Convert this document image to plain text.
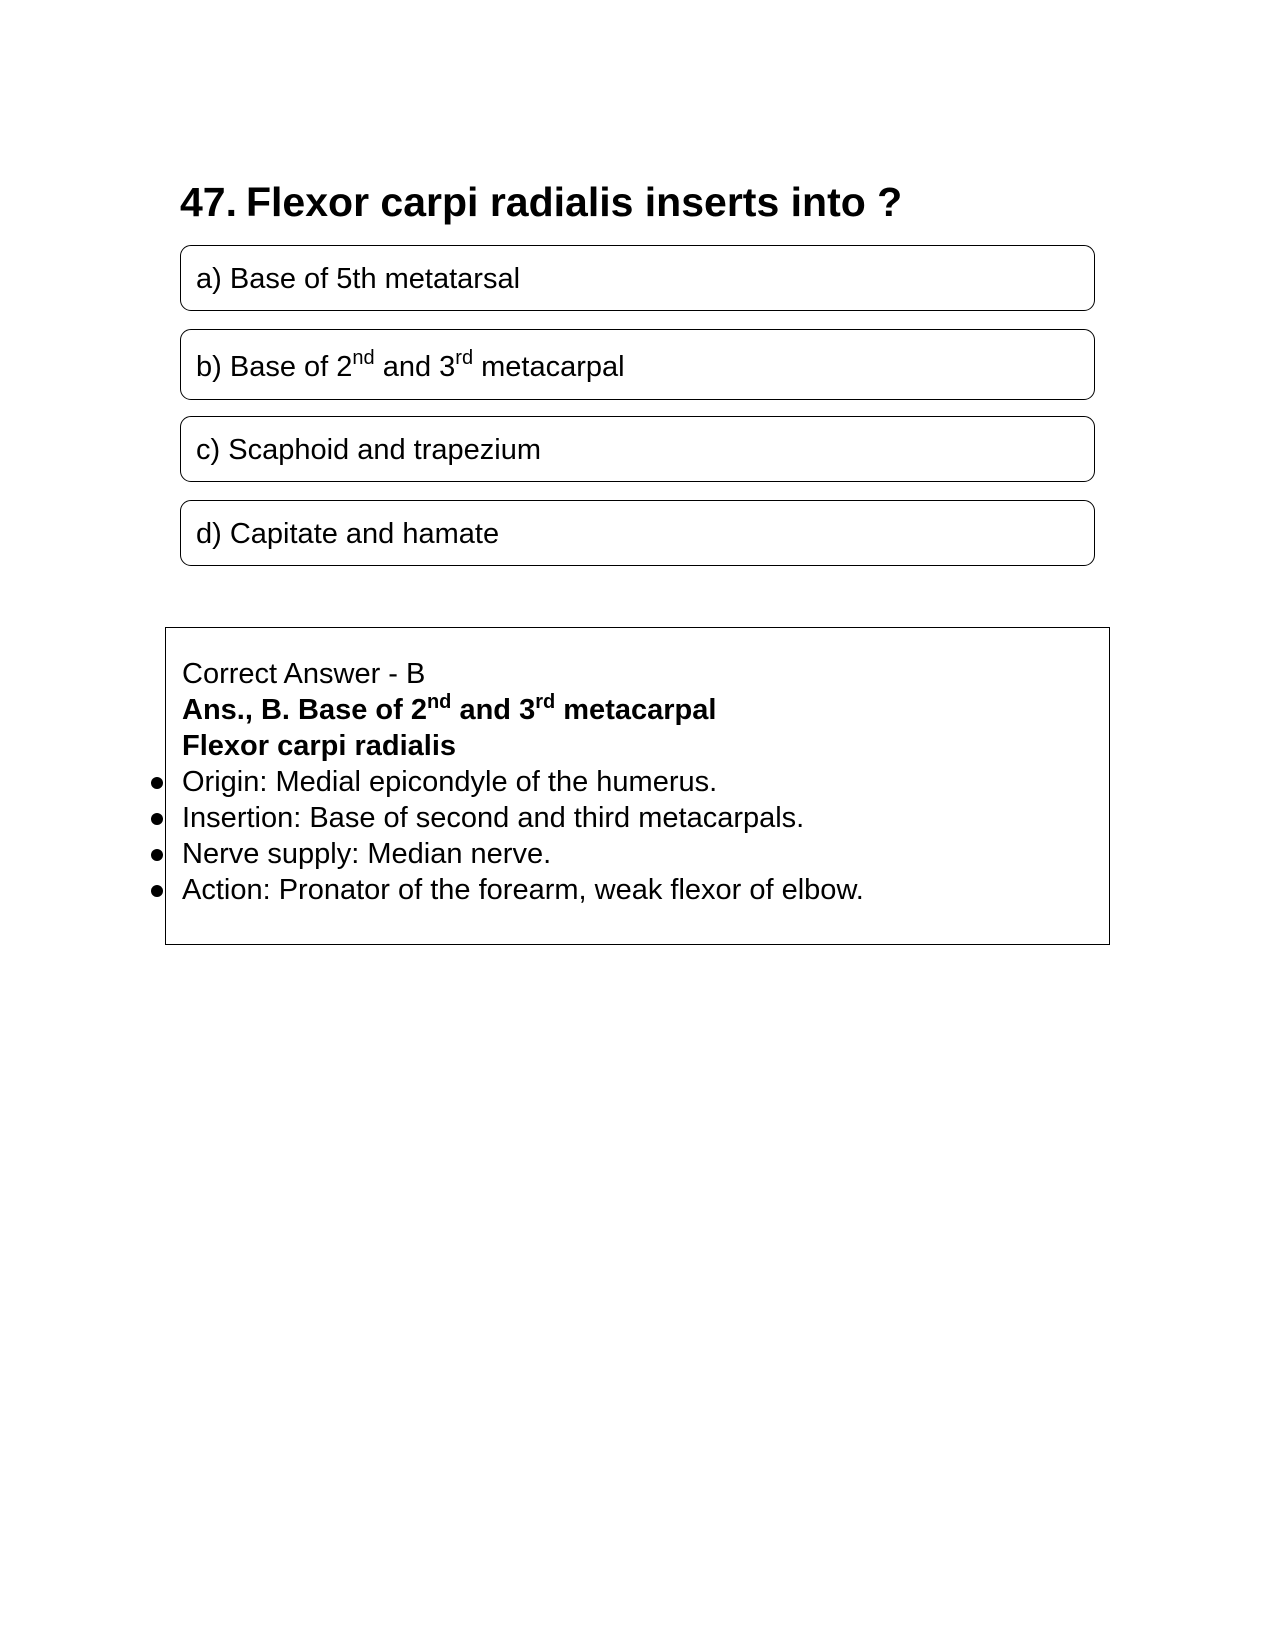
47. Flexor carpi radialis inserts into ?
a) Base of 5th metatarsal
b) Base of 2nd and 3rd metacarpal
c) Scaphoid and trapezium
d) Capitate and hamate
Correct Answer - B
Ans., B. Base of 2nd and 3rd metacarpal
Flexor carpi radialis
Origin: Medial epicondyle of the humerus.
Insertion: Base of second and third metacarpals.
Nerve supply: Median nerve.
Action: Pronator of the forearm, weak flexor of elbow.
